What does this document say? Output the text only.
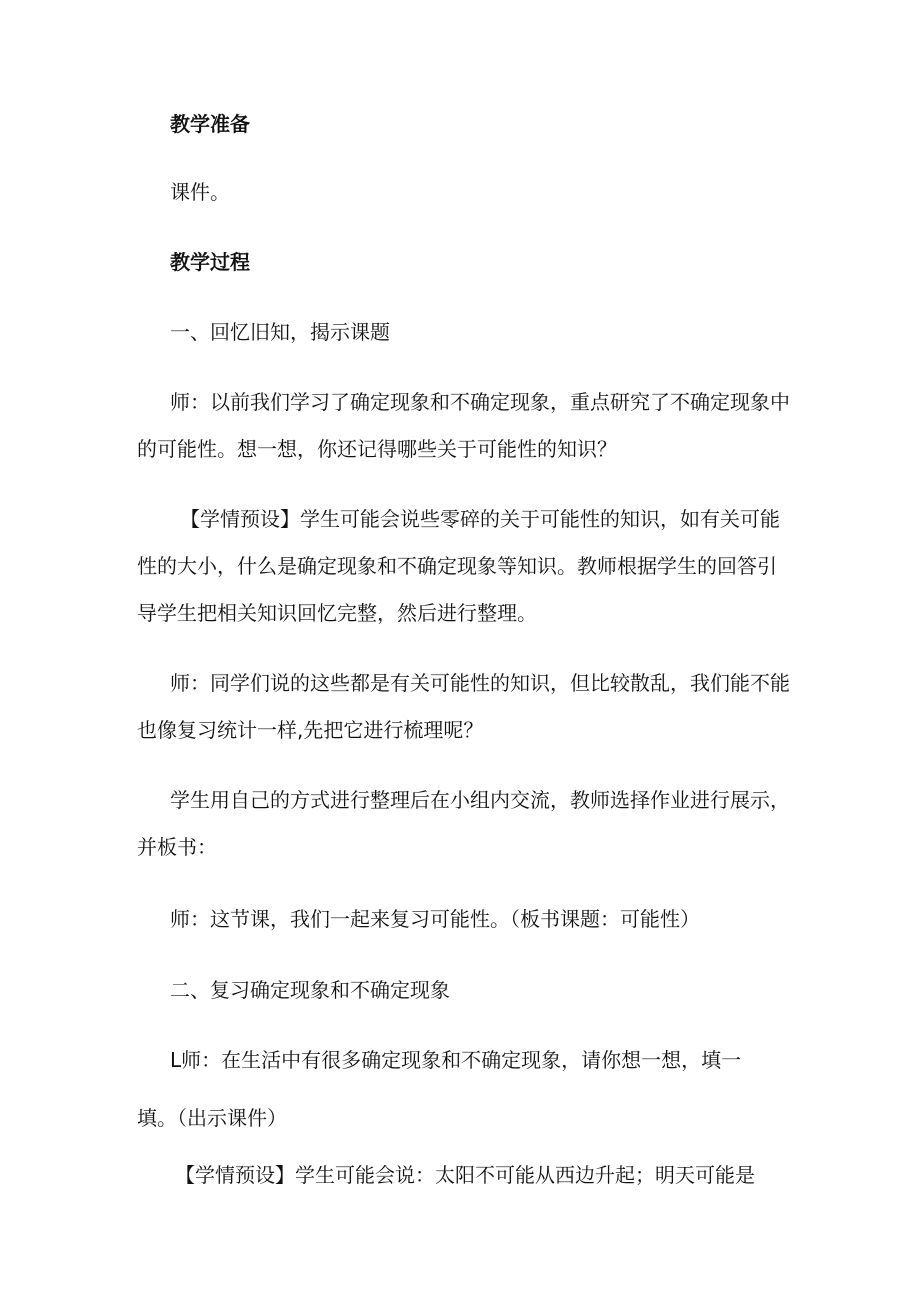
教学准备
课件。
教学过程
一、回忆旧知，揭示课题
师：以前我们学习了确定现象和不确定现象，重点研究了不确定现象中
的可能性。想一想，你还记得哪些关于可能性的知识？
【学情预设】学生可能会说些零碎的关于可能性的知识，如有关可能
性的大小，什么是确定现象和不确定现象等知识。教师根据学生的回答引
导学生把相关知识回忆完整，然后进行整理。
师：同学们说的这些都是有关可能性的知识，但比较散乱，我们能不能
也像复习统计一样,先把它进行梳理呢？
学生用自己的方式进行整理后在小组内交流，教师选择作业进行展示，
并板书：
师：这节课，我们一起来复习可能性。（板书课题：可能性）
二、复习确定现象和不确定现象
L师：在生活中有很多确定现象和不确定现象，请你想一想，填一
填。（出示课件）
【学情预设】学生可能会说：太阳不可能从西边升起；明天可能是
